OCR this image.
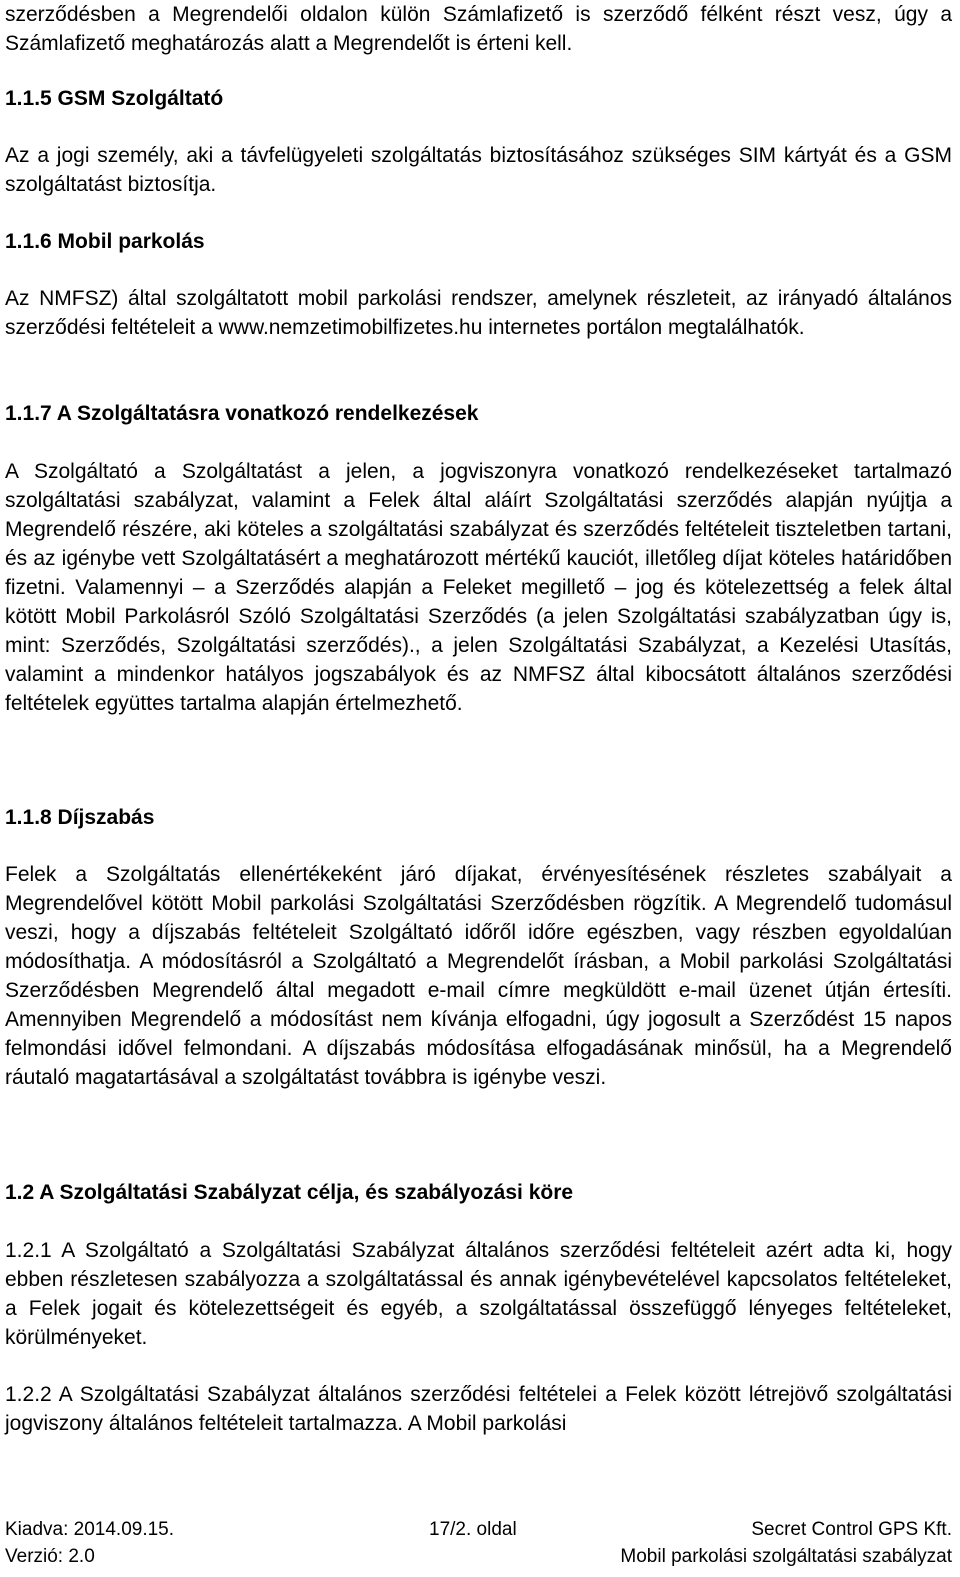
szerződésben a Megrendelői oldalon külön Számlafizető is szerződő félként részt vesz, úgy a Számlafizető meghatározás alatt a Megrendelőt is érteni kell.

1.1.5 GSM Szolgáltató

Az a jogi személy, aki a távfelügyeleti szolgáltatás biztosításához szükséges SIM kártyát és a GSM szolgáltatást biztosítja.

1.1.6 Mobil parkolás

Az NMFSZ) által szolgáltatott mobil parkolási rendszer, amelynek részleteit, az irányadó általános szerződési feltételeit a www.nemzetimobilfizetes.hu internetes portálon megtalálhatók.

1.1.7 A Szolgáltatásra vonatkozó rendelkezések

A Szolgáltató a Szolgáltatást a jelen, a jogviszonyra vonatkozó rendelkezéseket tartalmazó szolgáltatási szabályzat, valamint a Felek által aláírt Szolgáltatási szerződés alapján nyújtja a Megrendelő részére, aki köteles a szolgáltatási szabályzat és szerződés feltételeit tiszteletben tartani, és az igénybe vett Szolgáltatásért a meghatározott mértékű kauciót, illetőleg díjat köteles határidőben fizetni. Valamennyi – a Szerződés alapján a Feleket megillető – jog és kötelezettség a felek által kötött Mobil Parkolásról Szóló Szolgáltatási Szerződés (a jelen Szolgáltatási szabályzatban úgy is, mint: Szerződés, Szolgáltatási szerződés)., a jelen Szolgáltatási Szabályzat, a Kezelési Utasítás, valamint a mindenkor hatályos jogszabályok és az NMFSZ által kibocsátott általános szerződési feltételek együttes tartalma alapján értelmezhető.

1.1.8 Díjszabás

Felek a Szolgáltatás ellenértékeként járó díjakat, érvényesítésének részletes szabályait a Megrendelővel kötött Mobil parkolási Szolgáltatási Szerződésben rögzítik. A Megrendelő tudomásul veszi, hogy a díjszabás feltételeit Szolgáltató időről időre egészben, vagy részben egyoldalúan módosíthatja. A módosításról a Szolgáltató a Megrendelőt írásban, a Mobil parkolási Szolgáltatási Szerződésben Megrendelő által megadott e-mail címre megküldött e-mail üzenet útján értesíti. Amennyiben Megrendelő a módosítást nem kívánja elfogadni, úgy jogosult a Szerződést 15 napos felmondási idővel felmondani. A díjszabás módosítása elfogadásának minősül, ha a Megrendelő ráutaló magatartásával a szolgáltatást továbbra is igénybe veszi.

1.2 A Szolgáltatási Szabályzat célja, és szabályozási köre

1.2.1 A Szolgáltató a Szolgáltatási Szabályzat általános szerződési feltételeit azért adta ki, hogy ebben részletesen szabályozza a szolgáltatással és annak igénybevételével kapcsolatos feltételeket, a Felek jogait és kötelezettségeit és egyéb, a szolgáltatással összefüggő lényeges feltételeket, körülményeket.

1.2.2 A Szolgáltatási Szabályzat általános szerződési feltételei a Felek között létrejövő szolgáltatási jogviszony általános feltételeit tartalmazza. A Mobil parkolási

Kiadva: 2014.09.15.	17/2. oldal	Secret Control GPS Kft.
Verzió: 2.0	Mobil parkolási szolgáltatási szabályzat
